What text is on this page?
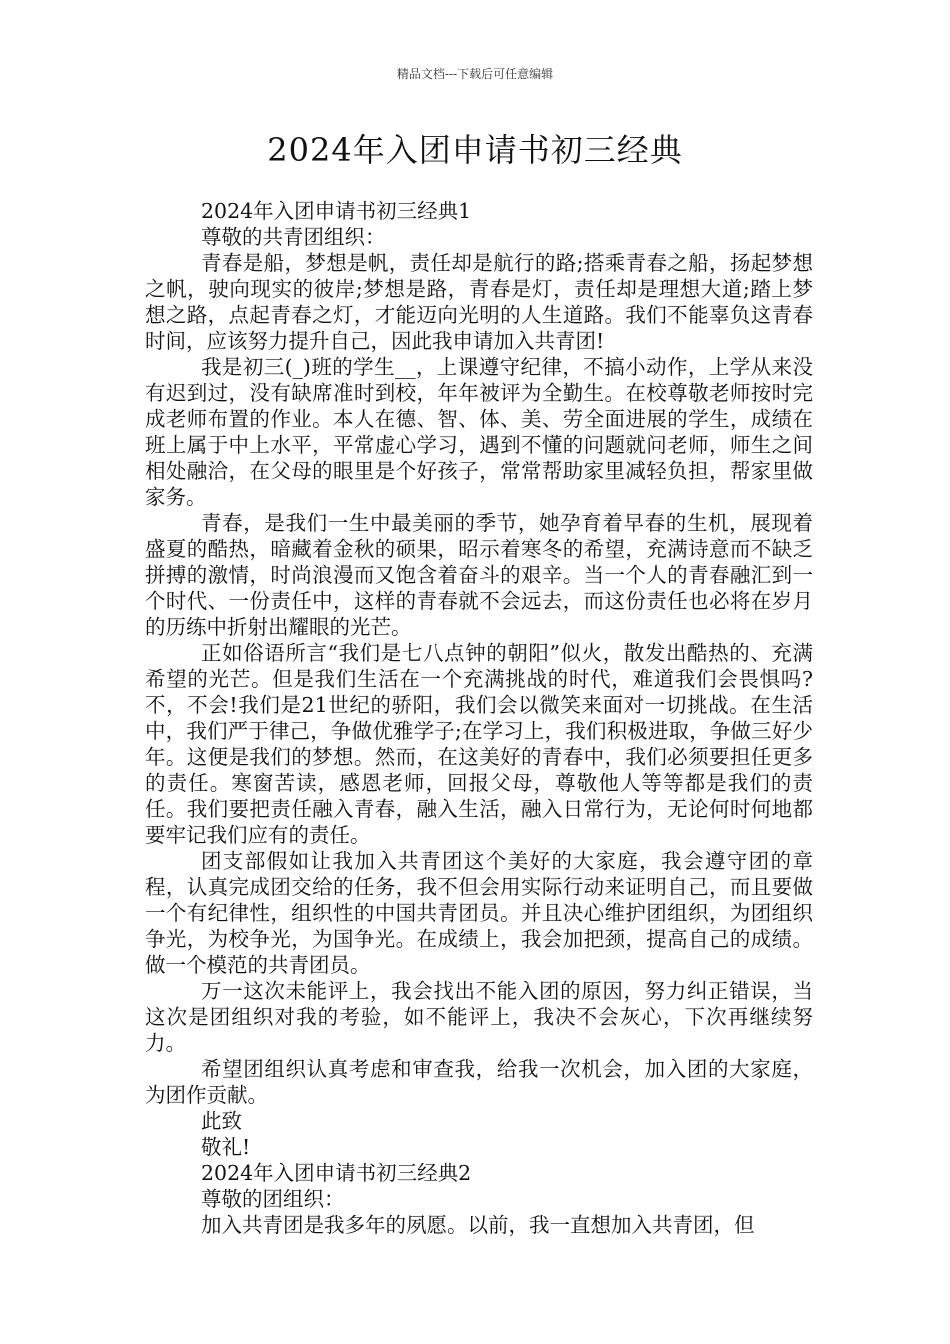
精品文档---下载后可任意编辑
2024年入团申请书初三经典

2024年入团申请书初三经典1

尊敬的共青团组织：

青春是船，梦想是帆，责任却是航行的路;搭乘青春之船，扬起梦想之帆，驶向现实的彼岸;梦想是路，青春是灯，责任却是理想大道;踏上梦想之路，点起青春之灯，才能迈向光明的人生道路。我们不能辜负这青春时间，应该努力提升自己，因此我申请加入共青团!

我是初三(_)班的学生__，上课遵守纪律，不搞小动作，上学从来没有迟到过，没有缺席准时到校，年年被评为全勤生。在校尊敬老师按时完成老师布置的作业。本人在德、智、体、美、劳全面进展的学生，成绩在班上属于中上水平，平常虚心学习，遇到不懂的问题就问老师，师生之间相处融洽，在父母的眼里是个好孩子，常常帮助家里减轻负担，帮家里做家务。

青春，是我们一生中最美丽的季节，她孕育着早春的生机，展现着盛夏的酷热，暗藏着金秋的硕果，昭示着寒冬的希望，充满诗意而不缺乏拼搏的激情，时尚浪漫而又饱含着奋斗的艰辛。当一个人的青春融汇到一个时代、一份责任中，这样的青春就不会远去，而这份责任也必将在岁月的历练中折射出耀眼的光芒。

正如俗语所言“我们是七八点钟的朝阳”似火，散发出酷热的、充满希望的光芒。但是我们生活在一个充满挑战的时代，难道我们会畏惧吗?不，不会!我们是21世纪的骄阳，我们会以微笑来面对一切挑战。在生活中，我们严于律己，争做优雅学子;在学习上，我们积极进取，争做三好少年。这便是我们的梦想。然而，在这美好的青春中，我们必须要担任更多的责任。寒窗苦读，感恩老师，回报父母，尊敬他人等等都是我们的责任。我们要把责任融入青春，融入生活，融入日常行为，无论何时何地都要牢记我们应有的责任。

团支部假如让我加入共青团这个美好的大家庭，我会遵守团的章程，认真完成团交给的任务，我不但会用实际行动来证明自己，而且要做一个有纪律性，组织性的中国共青团员。并且决心维护团组织，为团组织争光，为校争光，为国争光。在成绩上，我会加把颈，提高自己的成绩。做一个模范的共青团员。

万一这次未能评上，我会找出不能入团的原因，努力纠正错误，当这次是团组织对我的考验，如不能评上，我决不会灰心，下次再继续努力。

希望团组织认真考虑和审查我，给我一次机会，加入团的大家庭，为团作贡献。

此致

敬礼!

2024年入团申请书初三经典2

尊敬的团组织：

加入共青团是我多年的夙愿。以前，我一直想加入共青团，但
